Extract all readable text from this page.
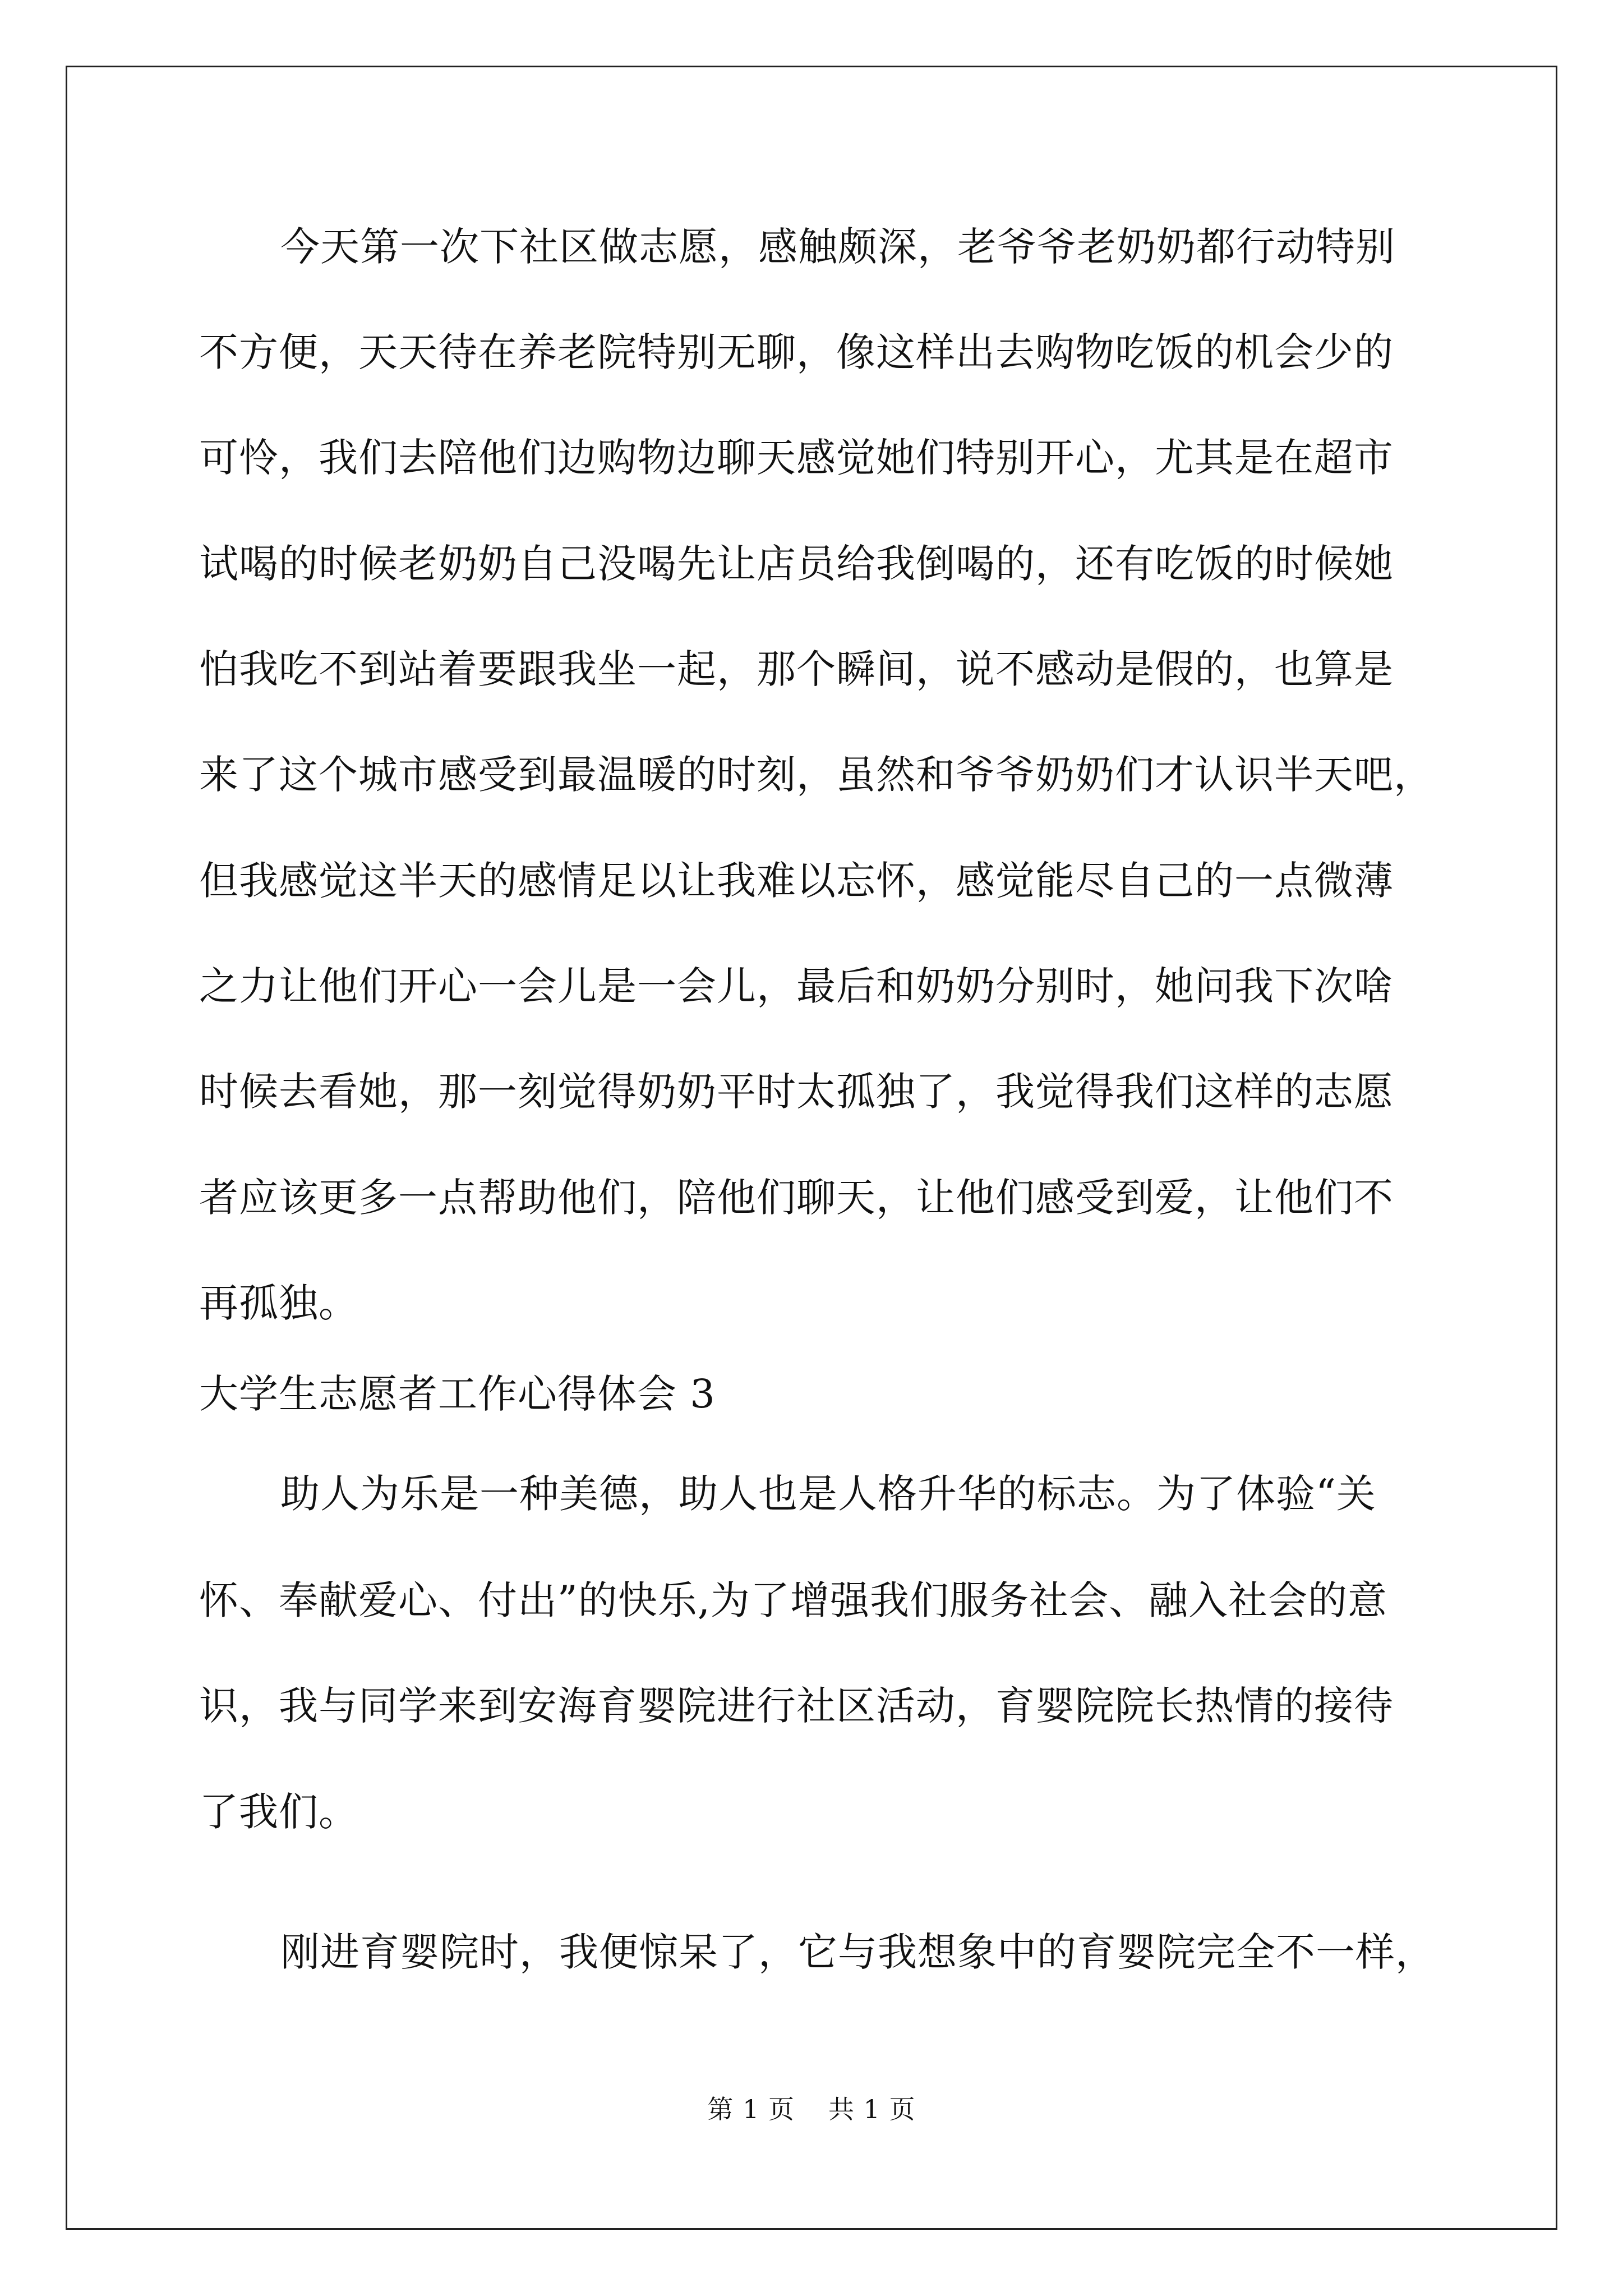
今天第一次下社区做志愿，感触颇深，老爷爷老奶奶都行动特别
不方便，天天待在养老院特别无聊，像这样出去购物吃饭的机会少的
可怜，我们去陪他们边购物边聊天感觉她们特别开心，尤其是在超市
试喝的时候老奶奶自己没喝先让店员给我倒喝的，还有吃饭的时候她
怕我吃不到站着要跟我坐一起，那个瞬间，说不感动是假的，也算是
来了这个城市感受到最温暖的时刻，虽然和爷爷奶奶们才认识半天吧，
但我感觉这半天的感情足以让我难以忘怀，感觉能尽自己的一点微薄
之力让他们开心一会儿是一会儿，最后和奶奶分别时，她问我下次啥
时候去看她，那一刻觉得奶奶平时太孤独了，我觉得我们这样的志愿
者应该更多一点帮助他们，陪他们聊天，让他们感受到爱，让他们不
再孤独。
大学生志愿者工作心得体会 3
助人为乐是一种美德，助人也是人格升华的标志。为了体验“关
怀、奉献爱心、付出”的快乐,为了增强我们服务社会、融入社会的意
识，我与同学来到安海育婴院进行社区活动，育婴院院长热情的接待
了我们。
刚进育婴院时，我便惊呆了，它与我想象中的育婴院完全不一样，
第 1 页 共 1 页
